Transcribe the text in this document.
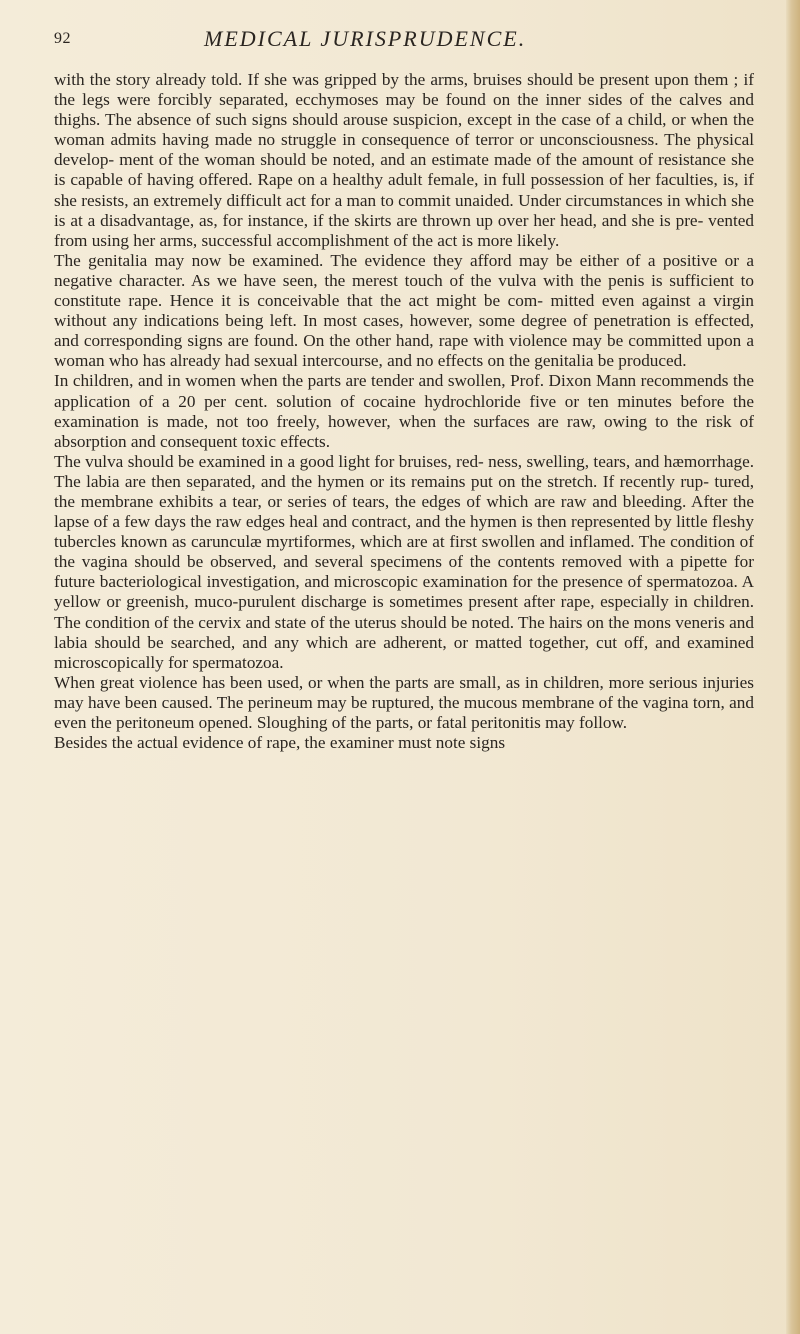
92	MEDICAL JURISPRUDENCE.

with the story already told. If she was gripped by the arms, bruises should be present upon them ; if the legs were forcibly separated, ecchymoses may be found on the inner sides of the calves and thighs. The absence of such signs should arouse suspicion, except in the case of a child, or when the woman admits having made no struggle in consequence of terror or unconsciousness. The physical develop- ment of the woman should be noted, and an estimate made of the amount of resistance she is capable of having offered. Rape on a healthy adult female, in full possession of her faculties, is, if she resists, an extremely difficult act for a man to commit unaided. Under circumstances in which she is at a disadvantage, as, for instance, if the skirts are thrown up over her head, and she is pre- vented from using her arms, successful accomplishment of the act is more likely.

The genitalia may now be examined. The evidence they afford may be either of a positive or a negative character. As we have seen, the merest touch of the vulva with the penis is sufficient to constitute rape. Hence it is conceivable that the act might be com- mitted even against a virgin without any indications being left. In most cases, however, some degree of penetration is effected, and corresponding signs are found. On the other hand, rape with violence may be committed upon a woman who has already had sexual intercourse, and no effects on the genitalia be produced.

In children, and in women when the parts are tender and swollen, Prof. Dixon Mann recommends the application of a 20 per cent. solution of cocaine hydrochloride five or ten minutes before the examination is made, not too freely, however, when the surfaces are raw, owing to the risk of absorption and consequent toxic effects.

The vulva should be examined in a good light for bruises, red- ness, swelling, tears, and hæmorrhage. The labia are then separated, and the hymen or its remains put on the stretch. If recently rup- tured, the membrane exhibits a tear, or series of tears, the edges of which are raw and bleeding. After the lapse of a few days the raw edges heal and contract, and the hymen is then represented by little fleshy tubercles known as carunculæ myrtiformes, which are at first swollen and inflamed. The condition of the vagina should be observed, and several specimens of the contents removed with a pipette for future bacteriological investigation, and microscopic examination for the presence of spermatozoa. A yellow or greenish, muco-purulent discharge is sometimes present after rape, especially in children. The condition of the cervix and state of the uterus should be noted. The hairs on the mons veneris and labia should be searched, and any which are adherent, or matted together, cut off, and examined microscopically for spermatozoa.

When great violence has been used, or when the parts are small, as in children, more serious injuries may have been caused. The perineum may be ruptured, the mucous membrane of the vagina torn, and even the peritoneum opened. Sloughing of the parts, or fatal peritonitis may follow.

Besides the actual evidence of rape, the examiner must note signs
